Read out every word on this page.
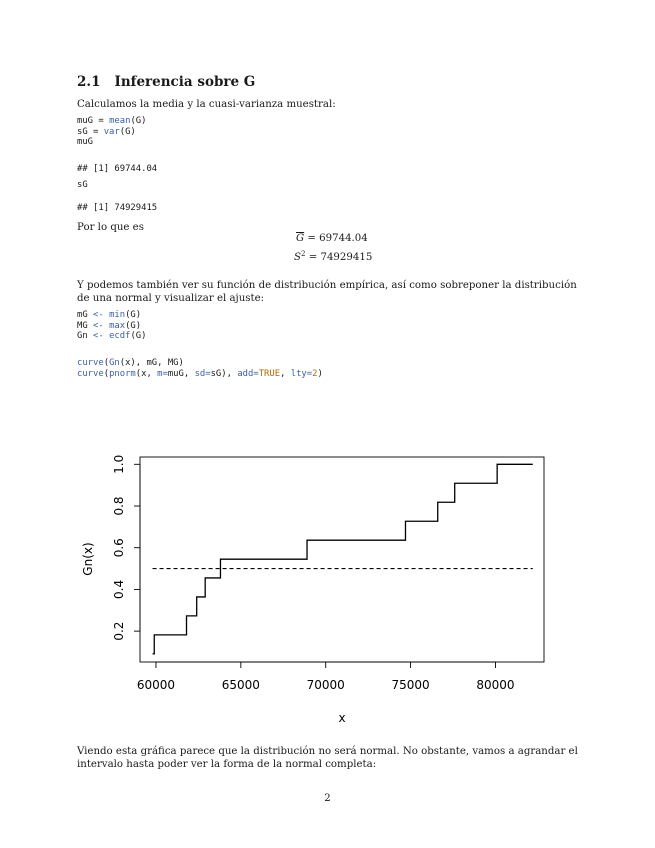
2.1 Inferencia sobre G
Calculamos la media y la cuasi-varianza muestral:
muG = mean(G)
sG = var(G)
muG
## [1] 69744.04
sG
## [1] 74929415
Por lo que es
$\overline{G} = 69744.04$
$S^2 = 74929415$
Y podemos también ver su función de distribución empírica, así como sobreponer la distribución de una normal y visualizar el ajuste:
mG <- min(G)
MG <- max(G)
Gn <- ecdf(G)
curve(Gn(x), mG, MG)
curve(pnorm(x, m=muG, sd=sG), add=TRUE, lty=2)
60000	65000	70000	75000	80000
0.2
0.4
0.6
0.8
1.0
x
Gn(x)
Viendo esta gráfica parece que la distribución no será normal. No obstante, vamos a agrandar el intervalo hasta poder ver la forma de la normal completa:
2
